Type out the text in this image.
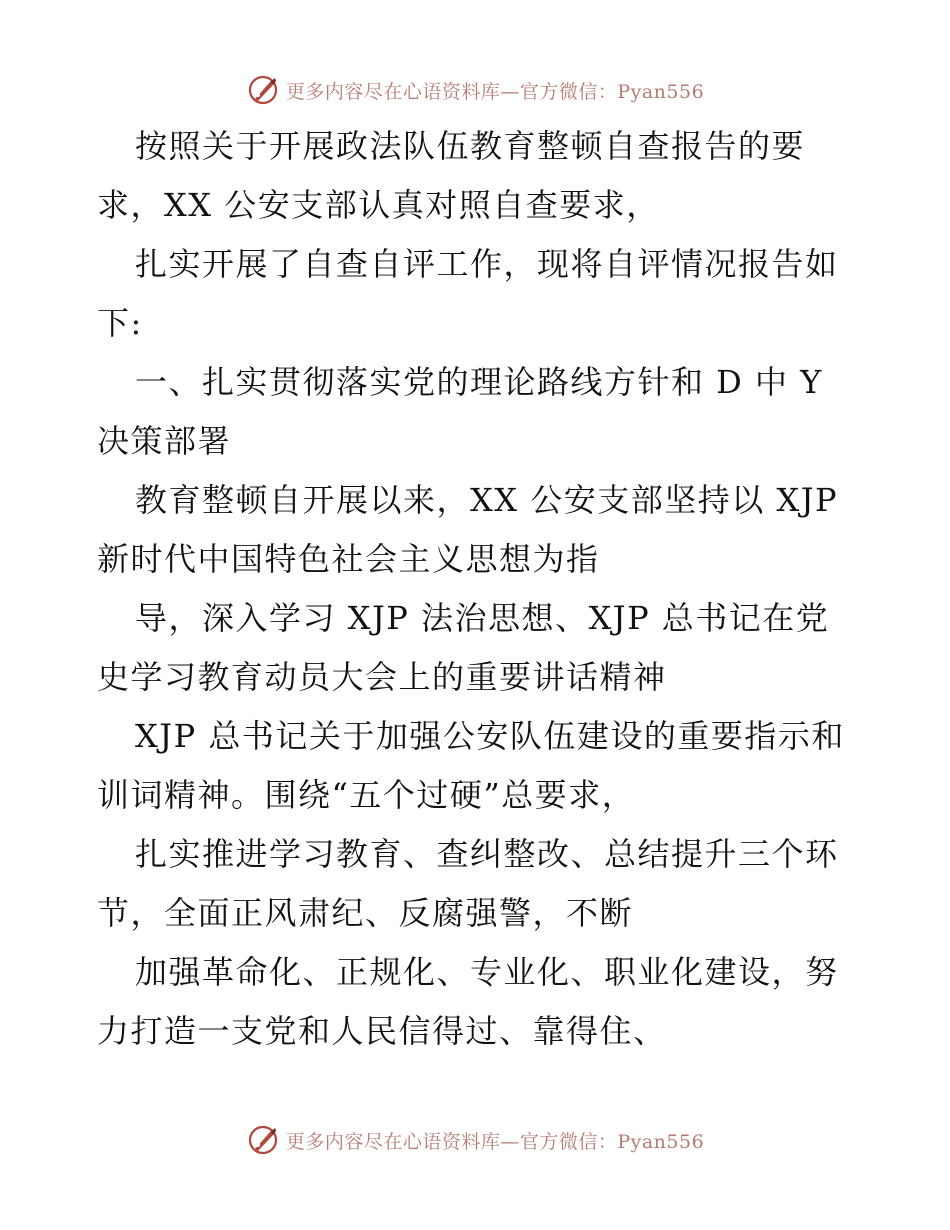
更多内容尽在心语资料库—官方微信：Pyan556

按照关于开展政法队伍教育整顿自查报告的要求，XX 公安支部认真对照自查要求，

扎实开展了自查自评工作，现将自评情况报告如下:

一、扎实贯彻落实党的理论路线方针和 D 中 Y 决策部署

教育整顿自开展以来，XX 公安支部坚持以 XJP 新时代中国特色社会主义思想为指

导，深入学习 XJP 法治思想、XJP 总书记在党史学习教育动员大会上的重要讲话精神

XJP 总书记关于加强公安队伍建设的重要指示和训词精神。围绕“五个过硬”总要求，

扎实推进学习教育、查纠整改、总结提升三个环节，全面正风肃纪、反腐强警，不断

加强革命化、正规化、专业化、职业化建设，努力打造一支党和人民信得过、靠得住、

更多内容尽在心语资料库—官方微信：Pyan556
